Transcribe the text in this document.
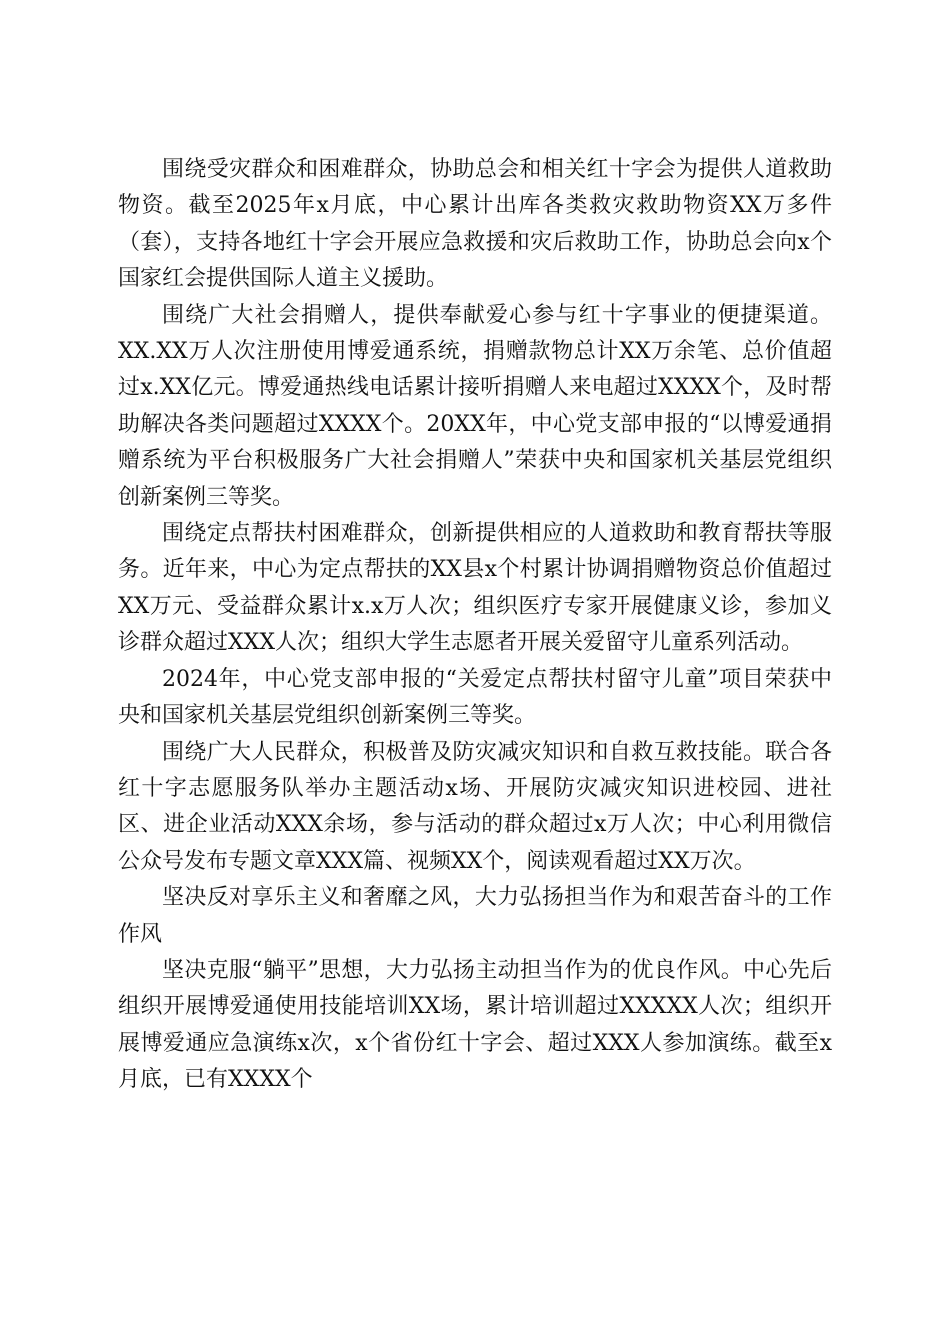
围绕受灾群众和困难群众，协助总会和相关红十字会为提供人道救助物资。截至2025年x月底，中心累计出库各类救灾救助物资XX万多件（套），支持各地红十字会开展应急救援和灾后救助工作，协助总会向x个国家红会提供国际人道主义援助。

围绕广大社会捐赠人，提供奉献爱心参与红十字事业的便捷渠道。XX.XX万人次注册使用博爱通系统，捐赠款物总计XX万余笔、总价值超过x.XX亿元。博爱通热线电话累计接听捐赠人来电超过XXXX个，及时帮助解决各类问题超过XXXX个。20XX年，中心党支部申报的“以博爱通捐赠系统为平台积极服务广大社会捐赠人”荣获中央和国家机关基层党组织创新案例三等奖。

围绕定点帮扶村困难群众，创新提供相应的人道救助和教育帮扶等服务。近年来，中心为定点帮扶的XX县x个村累计协调捐赠物资总价值超过XX万元、受益群众累计x.x万人次；组织医疗专家开展健康义诊，参加义诊群众超过XXX人次；组织大学生志愿者开展关爱留守儿童系列活动。

2024年，中心党支部申报的“关爱定点帮扶村留守儿童”项目荣获中央和国家机关基层党组织创新案例三等奖。

围绕广大人民群众，积极普及防灾减灾知识和自救互救技能。联合各红十字志愿服务队举办主题活动x场、开展防灾减灾知识进校园、进社区、进企业活动XXX余场，参与活动的群众超过x万人次；中心利用微信公众号发布专题文章XXX篇、视频XX个，阅读观看超过XX万次。

坚决反对享乐主义和奢靡之风，大力弘扬担当作为和艰苦奋斗的工作作风

坚决克服“躺平”思想，大力弘扬主动担当作为的优良作风。中心先后组织开展博爱通使用技能培训XX场，累计培训超过XXXXX人次；组织开展博爱通应急演练x次，x个省份红十字会、超过XXX人参加演练。截至x月底，已有XXXX个
